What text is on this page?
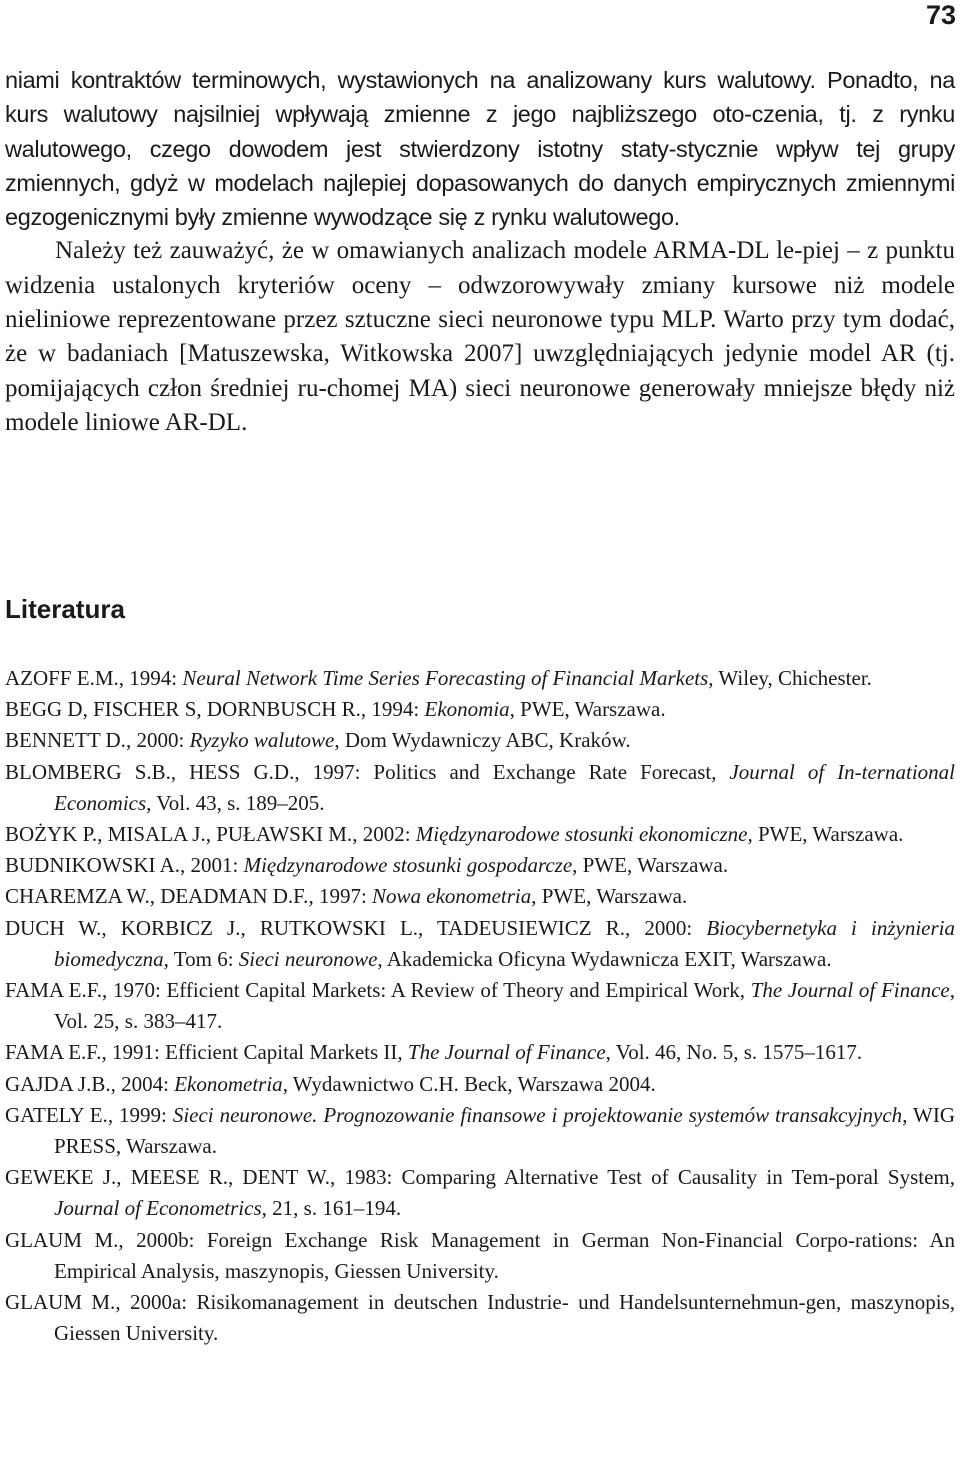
73

niami kontraktów terminowych, wystawionych na analizowany kurs walutowy. Ponadto, na kurs walutowy najsilniej wpływają zmienne z jego najbliższego oto-czenia, tj. z rynku walutowego, czego dowodem jest stwierdzony istotny staty-stycznie wpływ tej grupy zmiennych, gdyż w modelach najlepiej dopasowanych do danych empirycznych zmiennymi egzogenicznymi były zmienne wywodzące się z rynku walutowego.

Należy też zauważyć, że w omawianych analizach modele ARMA-DL le-piej – z punktu widzenia ustalonych kryteriów oceny – odwzorowywały zmiany kursowe niż modele nieliniowe reprezentowane przez sztuczne sieci neuronowe typu MLP. Warto przy tym dodać, że w badaniach [Matuszewska, Witkowska 2007] uwzględniających jedynie model AR (tj. pomijających człon średniej ru-chomej MA) sieci neuronowe generowały mniejsze błędy niż modele liniowe AR-DL.

Literatura
AZOFF E.M., 1994: Neural Network Time Series Forecasting of Financial Markets, Wiley, Chichester.
BEGG D, FISCHER S, DORNBUSCH R., 1994: Ekonomia, PWE, Warszawa.
BENNETT D., 2000: Ryzyko walutowe, Dom Wydawniczy ABC, Kraków.
BLOMBERG S.B., HESS G.D., 1997: Politics and Exchange Rate Forecast, Journal of In-ternational Economics, Vol. 43, s. 189–205.
BOŻYK P., MISALA J., PUŁAWSKI M., 2002: Międzynarodowe stosunki ekonomiczne, PWE, Warszawa.
BUDNIKOWSKI A., 2001: Międzynarodowe stosunki gospodarcze, PWE, Warszawa.
CHAREMZA W., DEADMAN D.F., 1997: Nowa ekonometria, PWE, Warszawa.
DUCH W., KORBICZ J., RUTKOWSKI L., TADEUSIEWICZ R., 2000: Biocybernetyka i inżynieria biomedyczna, Tom 6: Sieci neuronowe, Akademicka Oficyna Wydawnicza EXIT, Warszawa.
FAMA E.F., 1970: Efficient Capital Markets: A Review of Theory and Empirical Work, The Journal of Finance, Vol. 25, s. 383–417.
FAMA E.F., 1991: Efficient Capital Markets II, The Journal of Finance, Vol. 46, No. 5, s. 1575–1617.
GAJDA J.B., 2004: Ekonometria, Wydawnictwo C.H. Beck, Warszawa 2004.
GATELY E., 1999: Sieci neuronowe. Prognozowanie finansowe i projektowanie systemów transakcyjnych, WIG PRESS, Warszawa.
GEWEKE J., MEESE R., DENT W., 1983: Comparing Alternative Test of Causality in Tem-poral System, Journal of Econometrics, 21, s. 161–194.
GLAUM M., 2000b: Foreign Exchange Risk Management in German Non-Financial Corpo-rations: An Empirical Analysis, maszynopis, Giessen University.
GLAUM M., 2000a: Risikomanagement in deutschen Industrie- und Handelsunternehmun-gen, maszynopis, Giessen University.
